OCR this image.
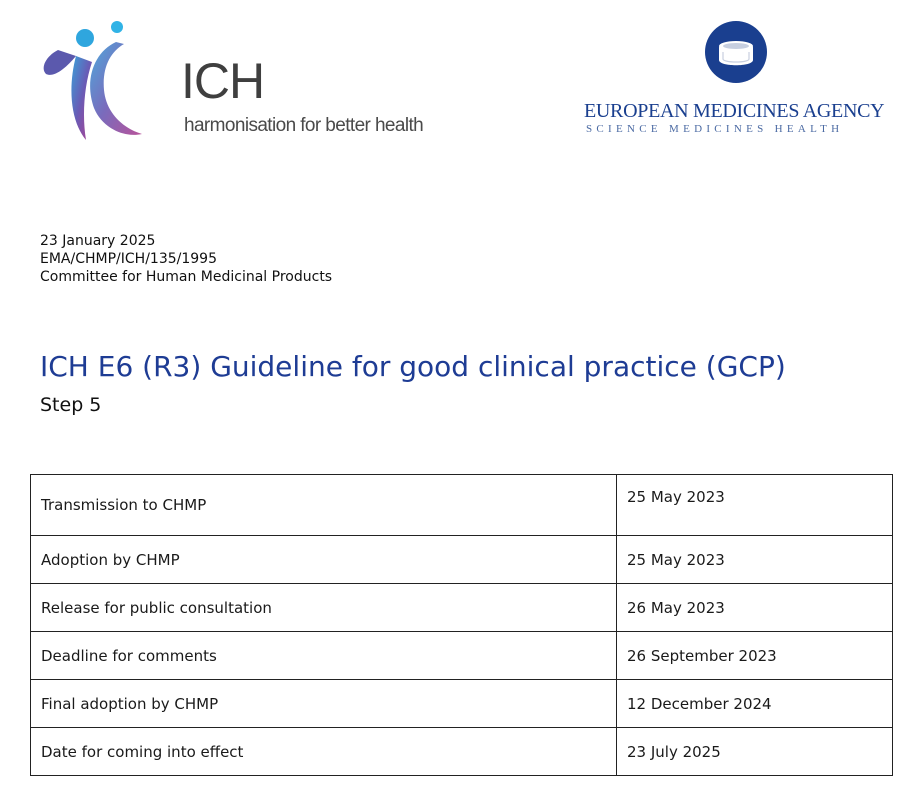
ICH
harmonisation for better health
EUROPEAN MEDICINES AGENCY
SCIENCE MEDICINES HEALTH
23 January 2025
EMA/CHMP/ICH/135/1995
Committee for Human Medicinal Products
ICH E6 (R3) Guideline for good clinical practice (GCP)
Step 5
Transmission to CHMP	25 May 2023
Adoption by CHMP	25 May 2023
Release for public consultation	26 May 2023
Deadline for comments	26 September 2023
Final adoption by CHMP	12 December 2024
Date for coming into effect	23 July 2025
